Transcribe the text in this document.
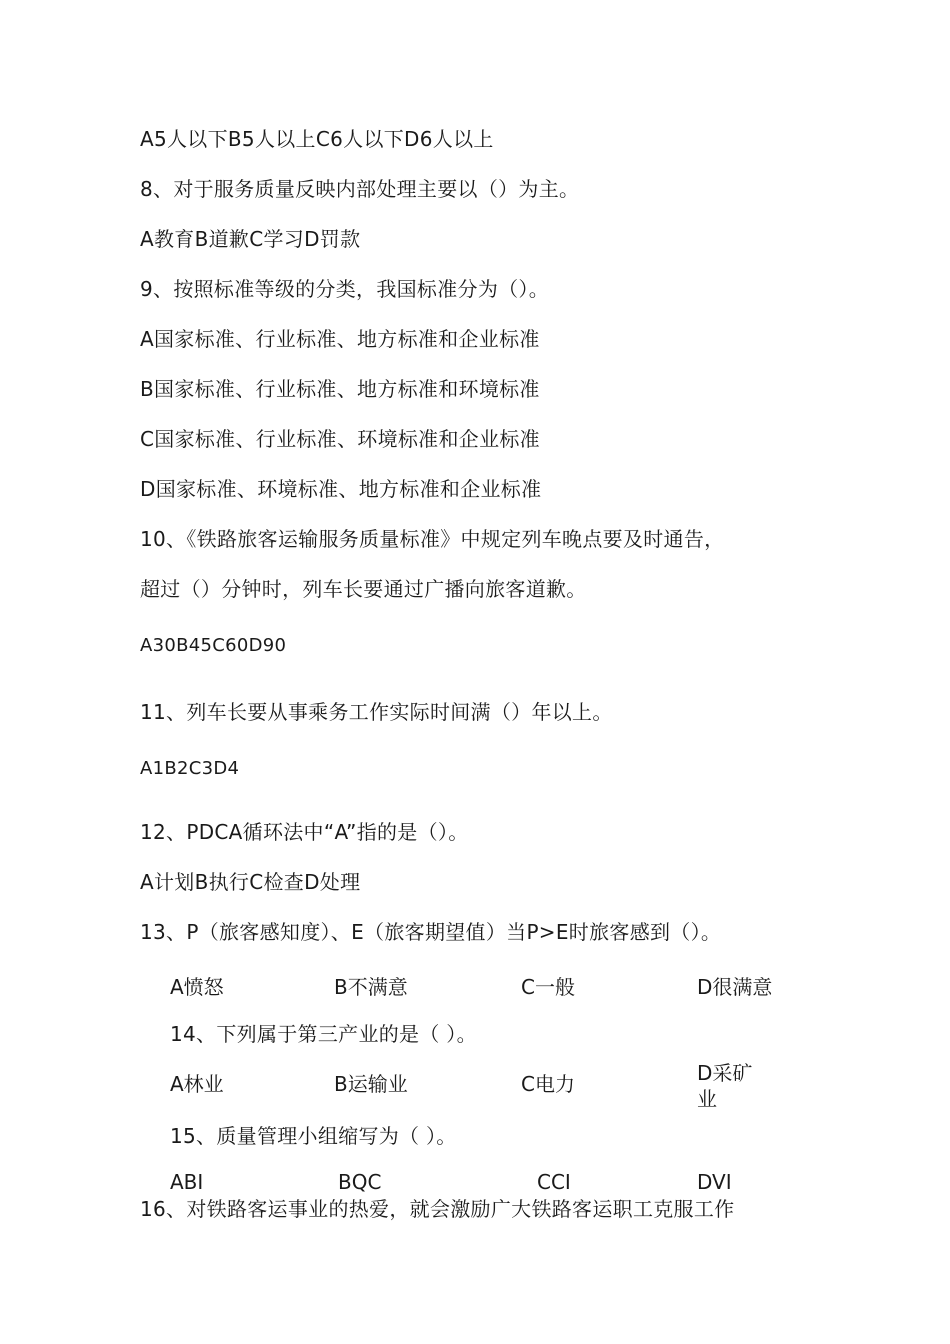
A5人以下B5人以上C6人以下D6人以上
8、对于服务质量反映内部处理主要以（）为主。
A教育B道歉C学习D罚款
9、按照标准等级的分类，我国标准分为（）。
A国家标准、行业标准、地方标准和企业标准
B国家标准、行业标准、地方标准和环境标准
C国家标准、行业标准、环境标准和企业标准
D国家标准、环境标准、地方标准和企业标准
10、《铁路旅客运输服务质量标准》中规定列车晚点要及时通告，
超过（）分钟时，列车长要通过广播向旅客道歉。
A30B45C60D90
11、列车长要从事乘务工作实际时间满（）年以上。
A1B2C3D4
12、PDCA循环法中“A”指的是（）。
A计划B执行C检查D处理
13、P（旅客感知度）、E（旅客期望值）当P>E时旅客感到（）。
A愤怒	B不满意	C一般	D很满意
14、下列属于第三产业的是（ ）。
A林业	B运输业	C电力	D采矿业
15、质量管理小组缩写为（ ）。
ABI	BQC	CCI	DVI
16、对铁路客运事业的热爱，就会激励广大铁路客运职工克服工作
